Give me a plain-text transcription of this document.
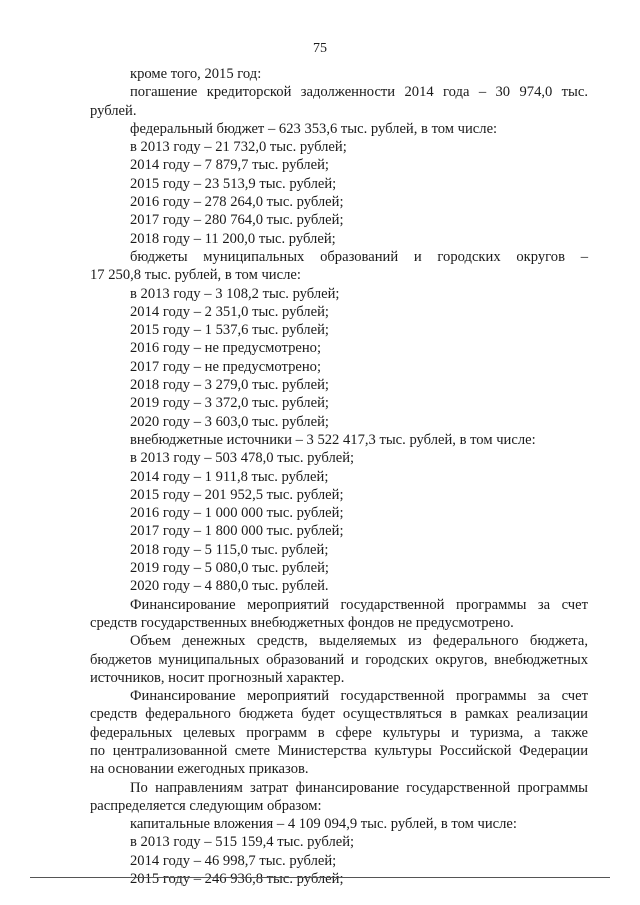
75
кроме того, 2015 год:
погашение кредиторской задолженности 2014 года – 30 974,0 тыс.
рублей.
федеральный бюджет – 623 353,6 тыс. рублей, в том числе:
в 2013 году – 21 732,0 тыс. рублей;
2014 году – 7 879,7 тыс. рублей;
2015 году – 23 513,9 тыс. рублей;
2016 году – 278 264,0 тыс. рублей;
2017 году – 280 764,0 тыс. рублей;
2018 году – 11 200,0 тыс. рублей;
бюджеты муниципальных образований и городских округов –
17 250,8 тыс. рублей, в том числе:
в 2013 году – 3 108,2 тыс. рублей;
2014 году – 2 351,0 тыс. рублей;
2015 году – 1 537,6 тыс. рублей;
2016 году – не предусмотрено;
2017 году – не предусмотрено;
2018 году – 3 279,0 тыс. рублей;
2019 году – 3 372,0 тыс. рублей;
2020 году – 3 603,0 тыс. рублей;
внебюджетные источники – 3 522 417,3 тыс. рублей, в том числе:
в 2013 году – 503 478,0 тыс. рублей;
2014 году – 1 911,8 тыс. рублей;
2015 году – 201 952,5 тыс. рублей;
2016 году – 1 000 000 тыс. рублей;
2017 году – 1 800 000 тыс. рублей;
2018 году – 5 115,0 тыс. рублей;
2019 году – 5 080,0 тыс. рублей;
2020 году – 4 880,0 тыс. рублей.
Финансирование мероприятий государственной программы за счет
средств государственных внебюджетных фондов не предусмотрено.
Объем денежных средств, выделяемых из федерального бюджета,
бюджетов муниципальных образований и городских округов, внебюджетных
источников, носит прогнозный характер.
Финансирование мероприятий государственной программы за счет
средств федерального бюджета будет осуществляться в рамках реализации
федеральных целевых программ в сфере культуры и туризма, а также
по централизованной смете Министерства культуры Российской Федерации
на основании ежегодных приказов.
По направлениям затрат финансирование государственной программы
распределяется следующим образом:
капитальные вложения – 4 109 094,9 тыс. рублей, в том числе:
в 2013 году – 515 159,4 тыс. рублей;
2014 году – 46 998,7 тыс. рублей;
2015 году – 246 936,8 тыс. рублей;
